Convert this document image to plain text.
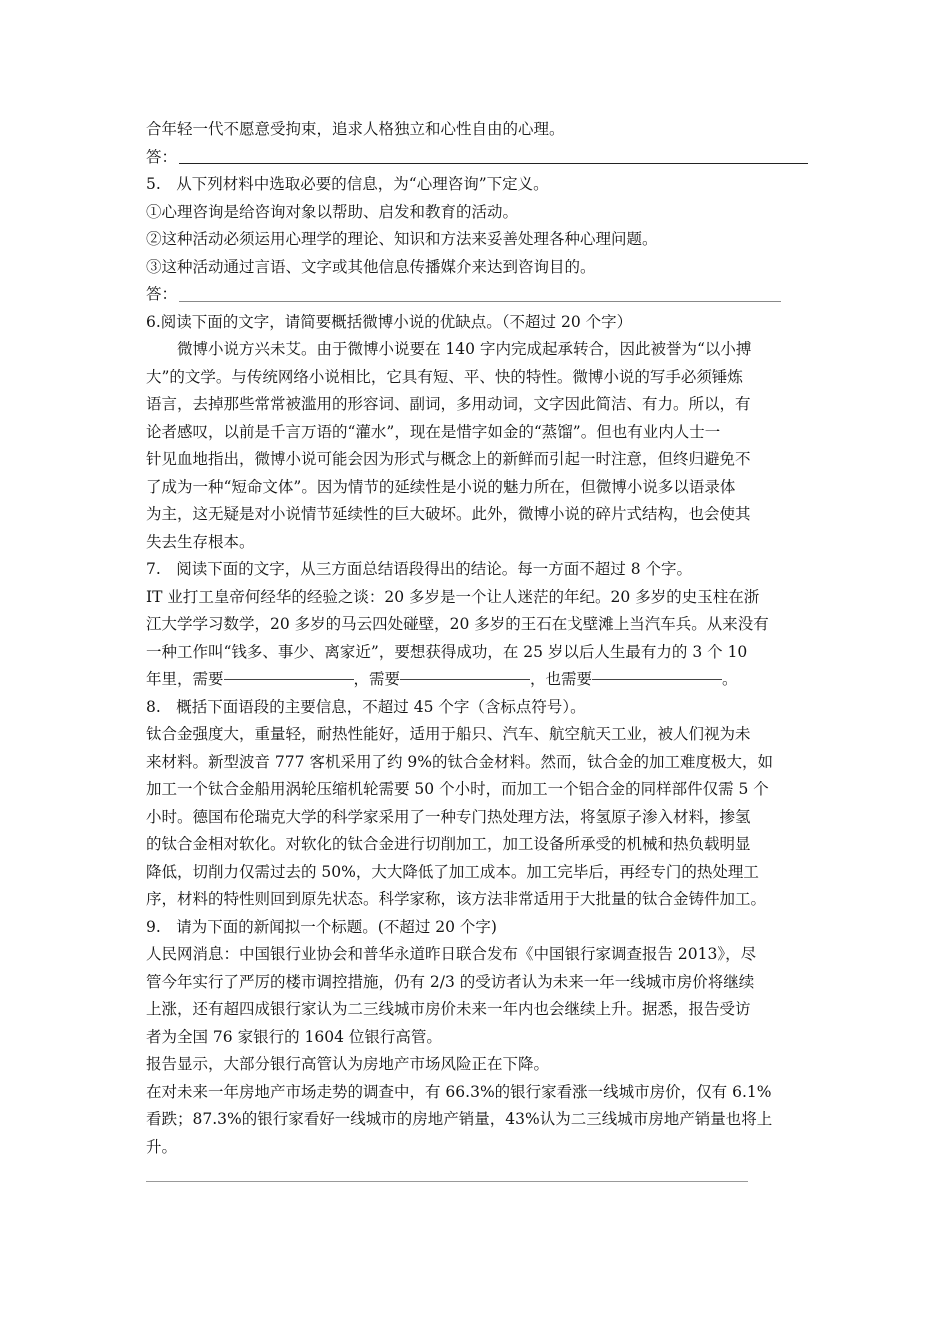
合年轻一代不愿意受拘束，追求人格独立和心性自由的心理。
答：
5.　从下列材料中选取必要的信息，为“心理咨询”下定义。
①心理咨询是给咨询对象以帮助、启发和教育的活动。
②这种活动必须运用心理学的理论、知识和方法来妥善处理各种心理问题。
③这种活动通过言语、文字或其他信息传播媒介来达到咨询目的。
答：
6.阅读下面的文字，请简要概括微博小说的优缺点。（不超过 20 个字）
微博小说方兴未艾。由于微博小说要在 140 字内完成起承转合，因此被誉为“以小搏
大”的文学。与传统网络小说相比，它具有短、平、快的特性。微博小说的写手必须锤炼
语言，去掉那些常常被滥用的形容词、副词，多用动词，文字因此简洁、有力。所以，有
论者感叹，以前是千言万语的“灌水”，现在是惜字如金的“蒸馏”。但也有业内人士一
针见血地指出，微博小说可能会因为形式与概念上的新鲜而引起一时注意，但终归避免不
了成为一种“短命文体”。因为情节的延续性是小说的魅力所在，但微博小说多以语录体
为主，这无疑是对小说情节延续性的巨大破坏。此外，微博小说的碎片式结构，也会使其
失去生存根本。
7.　阅读下面的文字，从三方面总结语段得出的结论。每一方面不超过 8 个字。
IT 业打工皇帝何经华的经验之谈：20 多岁是一个让人迷茫的年纪。20 多岁的史玉柱在浙
江大学学习数学，20 多岁的马云四处碰壁，20 多岁的王石在戈壁滩上当汽车兵。从来没有
一种工作叫“钱多、事少、离家近”，要想获得成功，在 25 岁以后人生最有力的 3 个 10
年里，需要	，需要	，也需要	。
8.　概括下面语段的主要信息，不超过 45 个字（含标点符号）。
钛合金强度大，重量轻，耐热性能好，适用于船只、汽车、航空航天工业，被人们视为未
来材料。新型波音 777 客机采用了约 9%的钛合金材料。然而，钛合金的加工难度极大，如
加工一个钛合金船用涡轮压缩机轮需要 50 个小时，而加工一个铝合金的同样部件仅需 5 个
小时。德国布伦瑞克大学的科学家采用了一种专门热处理方法，将氢原子渗入材料，掺氢
的钛合金相对软化。对软化的钛合金进行切削加工，加工设备所承受的机械和热负载明显
降低，切削力仅需过去的 50%，大大降低了加工成本。加工完毕后，再经专门的热处理工
序，材料的特性则回到原先状态。科学家称，该方法非常适用于大批量的钛合金铸件加工。
9.　请为下面的新闻拟一个标题。(不超过 20 个字)
人民网消息：中国银行业协会和普华永道昨日联合发布《中国银行家调查报告 2013》，尽
管今年实行了严厉的楼市调控措施，仍有 2/3 的受访者认为未来一年一线城市房价将继续
上涨，还有超四成银行家认为二三线城市房价未来一年内也会继续上升。据悉，报告受访
者为全国 76 家银行的 1604 位银行高管。
报告显示，大部分银行高管认为房地产市场风险正在下降。
在对未来一年房地产市场走势的调查中，有 66.3%的银行家看涨一线城市房价，仅有 6.1%
看跌；87.3%的银行家看好一线城市的房地产销量，43%认为二三线城市房地产销量也将上
升。
